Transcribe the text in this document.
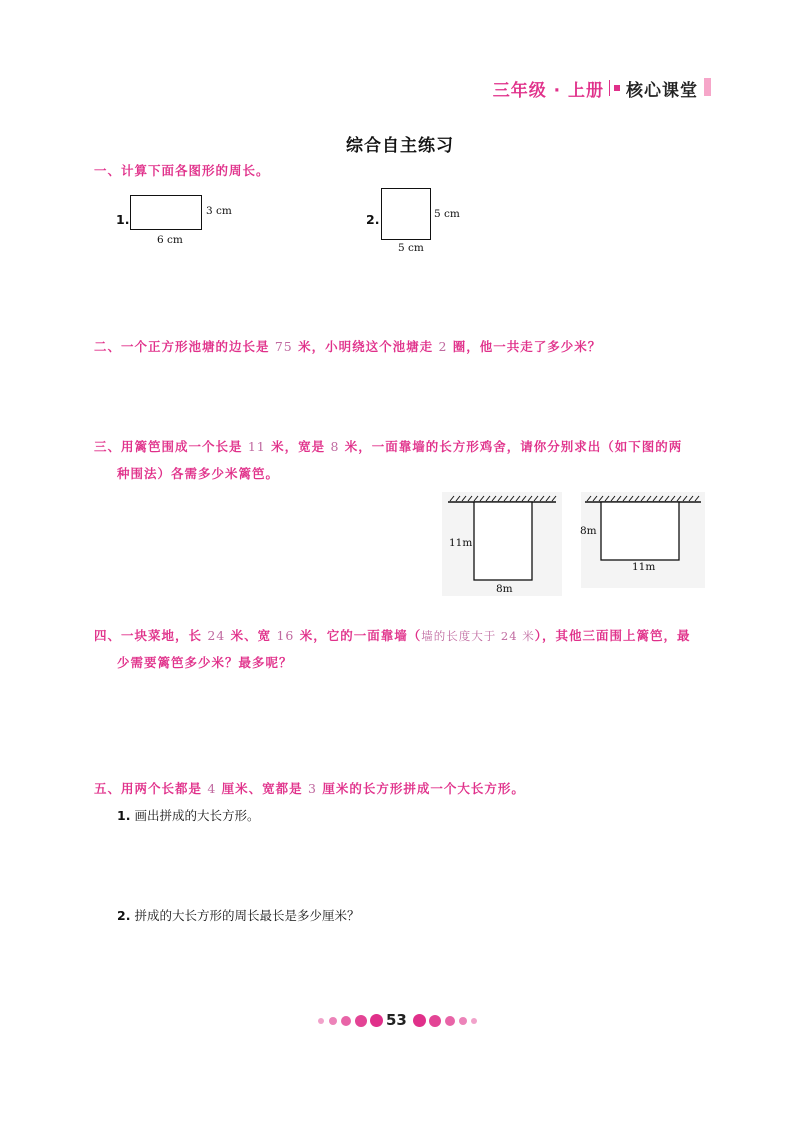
三年级 · 上册 核心课堂
综合自主练习
一、计算下面各图形的周长。
1.
3 cm
6 cm
2.	5 cm
5 cm
二、一个正方形池塘的边长是 75 米，小明绕这个池塘走 2 圈，他一共走了多少米？
三、用篱笆围成一个长是 11 米，宽是 8 米，一面靠墙的长方形鸡舍，请你分别求出（如下图的两
种围法）各需多少米篱笆。
11m
8m
8m
11m
四、一块菜地，长 24 米、宽 16 米，它的一面靠墙（墙的长度大于 24 米），其他三面围上篱笆，最
少需要篱笆多少米？最多呢？
五、用两个长都是 4 厘米、宽都是 3 厘米的长方形拼成一个大长方形。
1. 画出拼成的大长方形。
2. 拼成的大长方形的周长最长是多少厘米？
53
